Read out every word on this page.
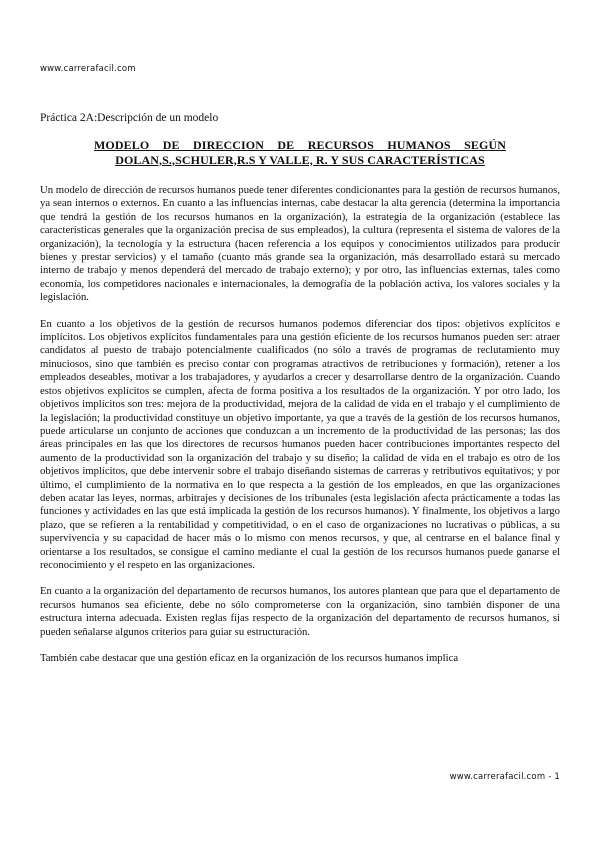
www.carrerafacil.com
Práctica 2A:Descripción de un modelo
MODELO DE DIRECCION DE RECURSOS HUMANOS SEGÚN
DOLAN,S.,SCHULER,R.S Y VALLE, R. Y SUS CARACTERÍSTICAS

Un modelo de dirección de recursos humanos puede tener diferentes condicionantes para la gestión de recursos humanos, ya sean internos o externos. En cuanto a las influencias internas, cabe destacar la alta gerencia (determina la importancia que tendrá la gestión de los recursos humanos en la organización), la estrategia de la organización (establece las características generales que la organización precisa de sus empleados), la cultura (representa el sistema de valores de la organización), la tecnología y la estructura (hacen referencia a los equipos y conocimientos utilizados para producir bienes y prestar servicios) y el tamaño (cuanto más grande sea la organización, más desarrollado estará su mercado interno de trabajo y menos dependerá del mercado de trabajo externo); y por otro, las influencias externas, tales como economía, los competidores nacionales e internacionales, la demografía de la población activa, los valores sociales y la legislación.

En cuanto a los objetivos de la gestión de recursos humanos podemos diferenciar dos tipos: objetivos explícitos e implícitos. Los objetivos explícitos fundamentales para una gestión eficiente de los recursos humanos pueden ser: atraer candidatos al puesto de trabajo potencialmente cualificados (no sólo a través de programas de reclutamiento muy minuciosos, sino que también es preciso contar con programas atractivos de retribuciones y formación), retener a los empleados deseables, motivar a los trabajadores, y ayudarlos a crecer y desarrollarse dentro de la organización. Cuando estos objetivos explícitos se cumplen, afecta de forma positiva a los resultados de la organización. Y por otro lado, los objetivos implícitos son tres: mejora de la productividad, mejora de la calidad de vida en el trabajo y el cumplimiento de la legislación; la productividad constituye un objetivo importante, ya que a través de la gestión de los recursos humanos, puede articularse un conjunto de acciones que conduzcan a un incremento de la productividad de las personas; las dos áreas principales en las que los directores de recursos humanos pueden hacer contribuciones importantes respecto del aumento de la productividad son la organización del trabajo y su diseño; la calidad de vida en el trabajo es otro de los objetivos implícitos, que debe intervenir sobre el trabajo diseñando sistemas de carreras y retributivos equitativos; y por último, el cumplimiento de la normativa en lo que respecta a la gestión de los empleados, en que las organizaciones deben acatar las leyes, normas, arbitrajes y decisiones de los tribunales (esta legislación afecta prácticamente a todas las funciones y actividades en las que está implicada la gestión de los recursos humanos). Y finalmente, los objetivos a largo plazo, que se refieren a la rentabilidad y competitividad, o en el caso de organizaciones no lucrativas o públicas, a su supervivencia y su capacidad de hacer más o lo mismo con menos recursos, y que, al centrarse en el balance final y orientarse a los resultados, se consigue el camino mediante el cual la gestión de los recursos humanos puede ganarse el reconocimiento y el respeto en las organizaciones.

En cuanto a la organización del departamento de recursos humanos, los autores plantean que para que el departamento de recursos humanos sea eficiente, debe no sólo comprometerse con la organización, sino también disponer de una estructura interna adecuada. Existen reglas fijas respecto de la organización del departamento de recursos humanos, si pueden señalarse algunos criterios para guiar su estructuración.

También cabe destacar que una gestión eficaz en la organización de los recursos humanos implica

www.carrerafacil.com - 1
